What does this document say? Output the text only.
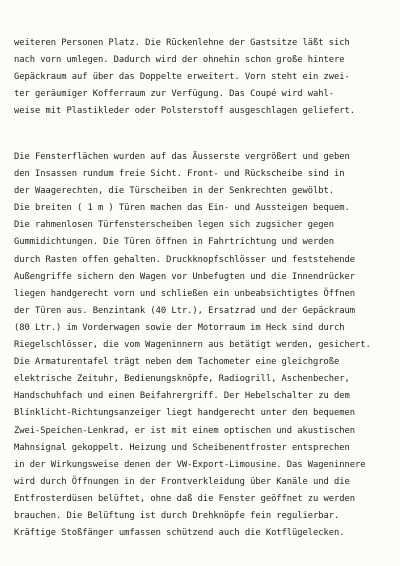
weiteren Personen Platz. Die Rückenlehne der Gastsitze läßt sich
nach vorn umlegen. Dadurch wird der ohnehin schon große hintere
Gepäckraum auf über das Doppelte erweitert. Vorn steht ein zwei-
ter geräumiger Kofferraum zur Verfügung. Das Coupé wird wahl-
weise mit Plastikleder oder Polsterstoff ausgeschlagen geliefert.
Die Fensterflächen wurden auf das Äusserste vergrößert und geben
den Insassen rundum freie Sicht. Front- und Rückscheibe sind in
der Waagerechten, die Türscheiben in der Senkrechten gewölbt.
Die breiten ( 1 m ) Türen machen das Ein- und Aussteigen bequem.
Die rahmenlosen Türfensterscheiben legen sich zugsicher gegen
Gummidichtungen. Die Türen öffnen in Fahrtrichtung und werden
durch Rasten offen gehalten. Druckknopfschlösser und feststehende
Außengriffe sichern den Wagen vor Unbefugten und die Innendrücker
liegen handgerecht vorn und schließen ein unbeabsichtigtes Öffnen
der Türen aus. Benzintank (40 Ltr.), Ersatzrad und der Gepäckraum
(80 Ltr.) im Vorderwagen sowie der Motorraum im Heck sind durch
Riegelschlösser, die vom Wageninnern aus betätigt werden, gesichert.
Die Armaturentafel trägt neben dem Tachometer eine gleichgroße
elektrische Zeituhr, Bedienungsknöpfe, Radiogrill, Aschenbecher,
Handschuhfach und einen Beifahrergriff. Der Hebelschalter zu dem
Blinklicht-Richtungsanzeiger liegt handgerecht unter den bequemen
Zwei-Speichen-Lenkrad, er ist mit einem optischen und akustischen
Mahnsignal gekoppelt. Heizung und Scheibenentfroster entsprechen
in der Wirkungsweise denen der VW-Export-Limousine. Das Wageninnere
wird durch Öffnungen in der Frontverkleidung über Kanäle und die
Entfrosterdüsen belüftet, ohne daß die Fenster geöffnet zu werden
brauchen. Die Belüftung ist durch Drehknöpfe fein regulierbar.
Kräftige Stoßfänger umfassen schützend auch die Kotflügelecken.
